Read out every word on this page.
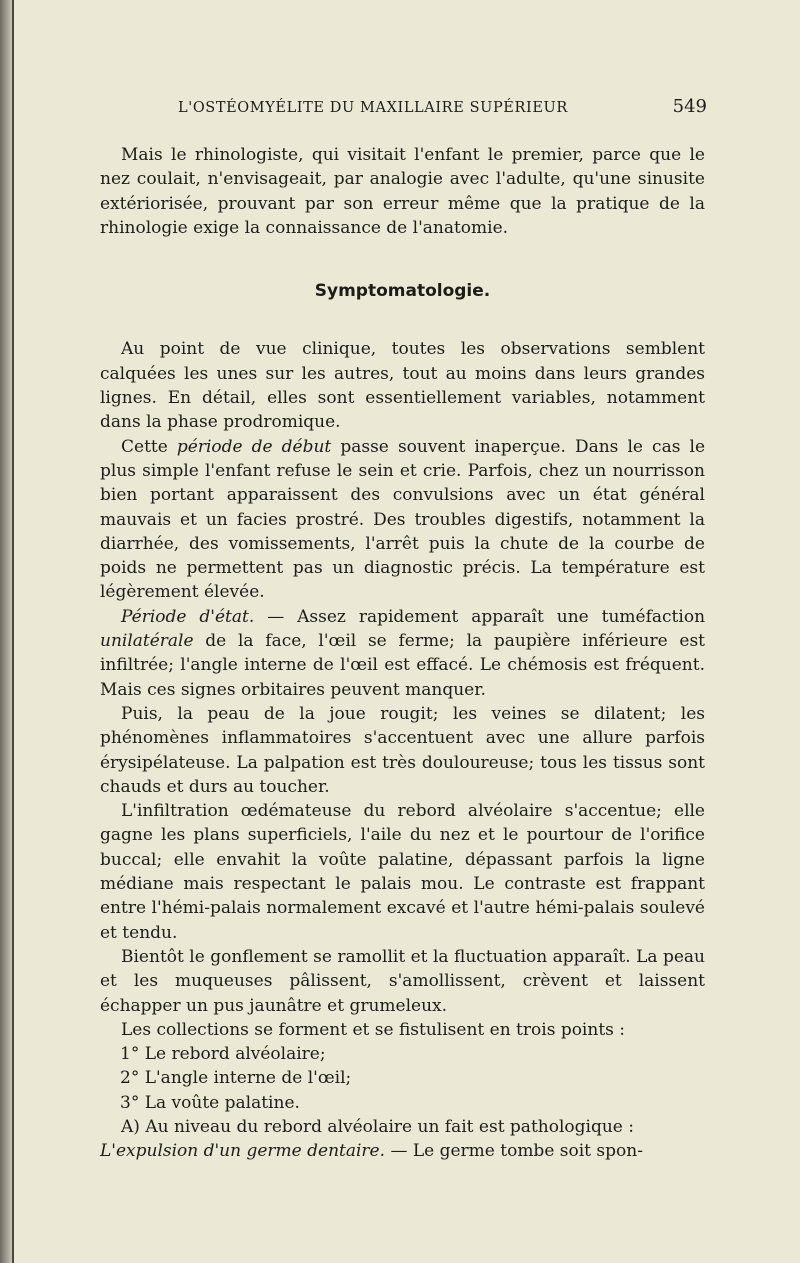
L'OSTÉOMYÉLITE DU MAXILLAIRE SUPÉRIEUR	549

Mais le rhinologiste, qui visitait l'enfant le premier, parce que le nez coulait, n'envisageait, par analogie avec l'adulte, qu'une sinusite extériorisée, prouvant par son erreur même que la pratique de la rhinologie exige la connaissance de l'anatomie.

Symptomatologie.

Au point de vue clinique, toutes les observations semblent calquées les unes sur les autres, tout au moins dans leurs grandes lignes. En détail, elles sont essentiellement variables, notamment dans la phase prodromique.

Cette période de début passe souvent inaperçue. Dans le cas le plus simple l'enfant refuse le sein et crie. Parfois, chez un nourrisson bien portant apparaissent des convulsions avec un état général mauvais et un facies prostré. Des troubles digestifs, notamment la diarrhée, des vomissements, l'arrêt puis la chute de la courbe de poids ne permettent pas un diagnostic précis. La température est légèrement élevée.

Période d'état. — Assez rapidement apparaît une tuméfaction unilatérale de la face, l'œil se ferme; la paupière inférieure est infiltrée; l'angle interne de l'œil est effacé. Le chémosis est fréquent. Mais ces signes orbitaires peuvent manquer.

Puis, la peau de la joue rougit; les veines se dilatent; les phénomènes inflammatoires s'accentuent avec une allure parfois érysipélateuse. La palpation est très douloureuse; tous les tissus sont chauds et durs au toucher.

L'infiltration œdémateuse du rebord alvéolaire s'accentue; elle gagne les plans superficiels, l'aile du nez et le pourtour de l'orifice buccal; elle envahit la voûte palatine, dépassant parfois la ligne médiane mais respectant le palais mou. Le contraste est frappant entre l'hémi-palais normalement excavé et l'autre hémi-palais soulevé et tendu.

Bientôt le gonflement se ramollit et la fluctuation apparaît. La peau et les muqueuses pâlissent, s'amollissent, crèvent et laissent échapper un pus jaunâtre et grumeleux.

Les collections se forment et se fistulisent en trois points :

1° Le rebord alvéolaire;
2° L'angle interne de l'œil;
3° La voûte palatine.

A) Au niveau du rebord alvéolaire un fait est pathologique :

L'expulsion d'un germe dentaire. — Le germe tombe soit spon-
